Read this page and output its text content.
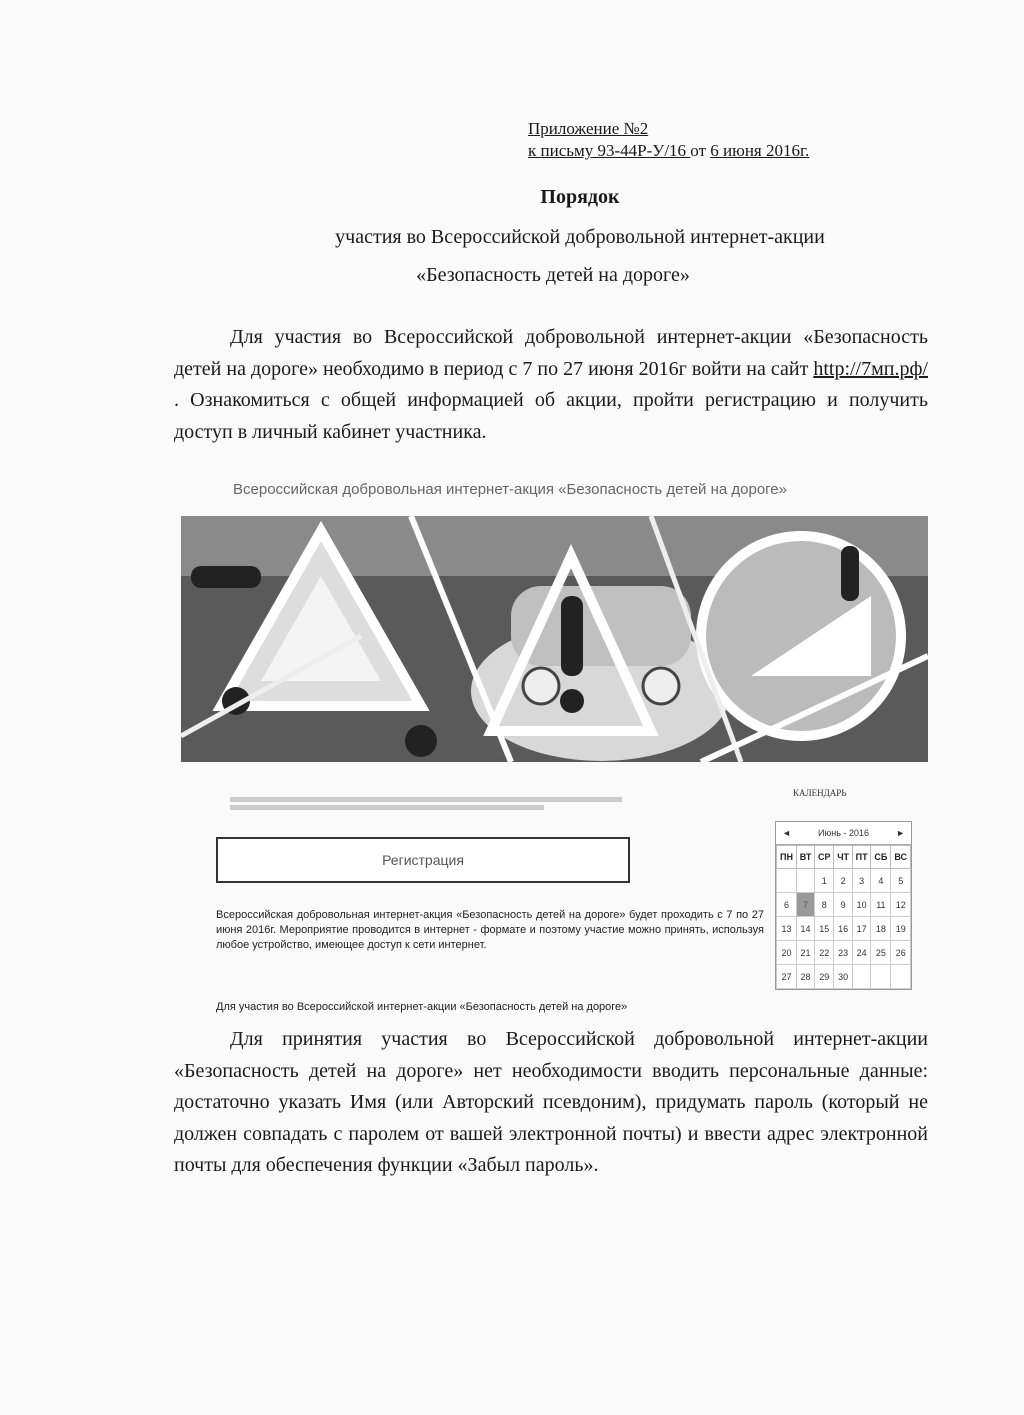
Приложение №2
к письму 93-44Р-У/16 от 6 июня 2016г.
Порядок
участия во Всероссийской добровольной интернет-акции
«Безопасность детей на дороге»
Для участия во Всероссийской добровольной интернет-акции «Безопасность детей на дороге» необходимо в период с 7 по 27 июня 2016г войти на сайт http://7мп.рф/ . Ознакомиться с общей информацией об акции, пройти регистрацию и получить доступ в личный кабинет участника.
Всероссийская добровольная интернет-акция «Безопасность детей на дороге»
Регистрация
Всероссийская добровольная интернет-акция «Безопасность детей на дороге» будет проходить с 7 по 27 июня 2016г. Мероприятие проводится в интернет - формате и поэтому участие можно принять, используя любое устройство, имеющее доступ к сети интернет.
Для участия во Всероссийской интернет-акции «Безопасность детей на дороге»
КАЛЕНДАРЬ
◄	Июнь - 2016	►
ПН	ВТ	СР	ЧТ	ПТ	СБ	ВС
		1	2	3	4	5
6	7	8	9	10	11	12
13	14	15	16	17	18	19
20	21	22	23	24	25	26
27	28	29	30			
Для принятия участия во Всероссийской добровольной интернет-акции «Безопасность детей на дороге» нет необходимости вводить персональные данные: достаточно указать Имя (или Авторский псевдоним), придумать пароль (который не должен совпадать с паролем от вашей электронной почты) и ввести адрес электронной почты для обеспечения функции «Забыл пароль».
